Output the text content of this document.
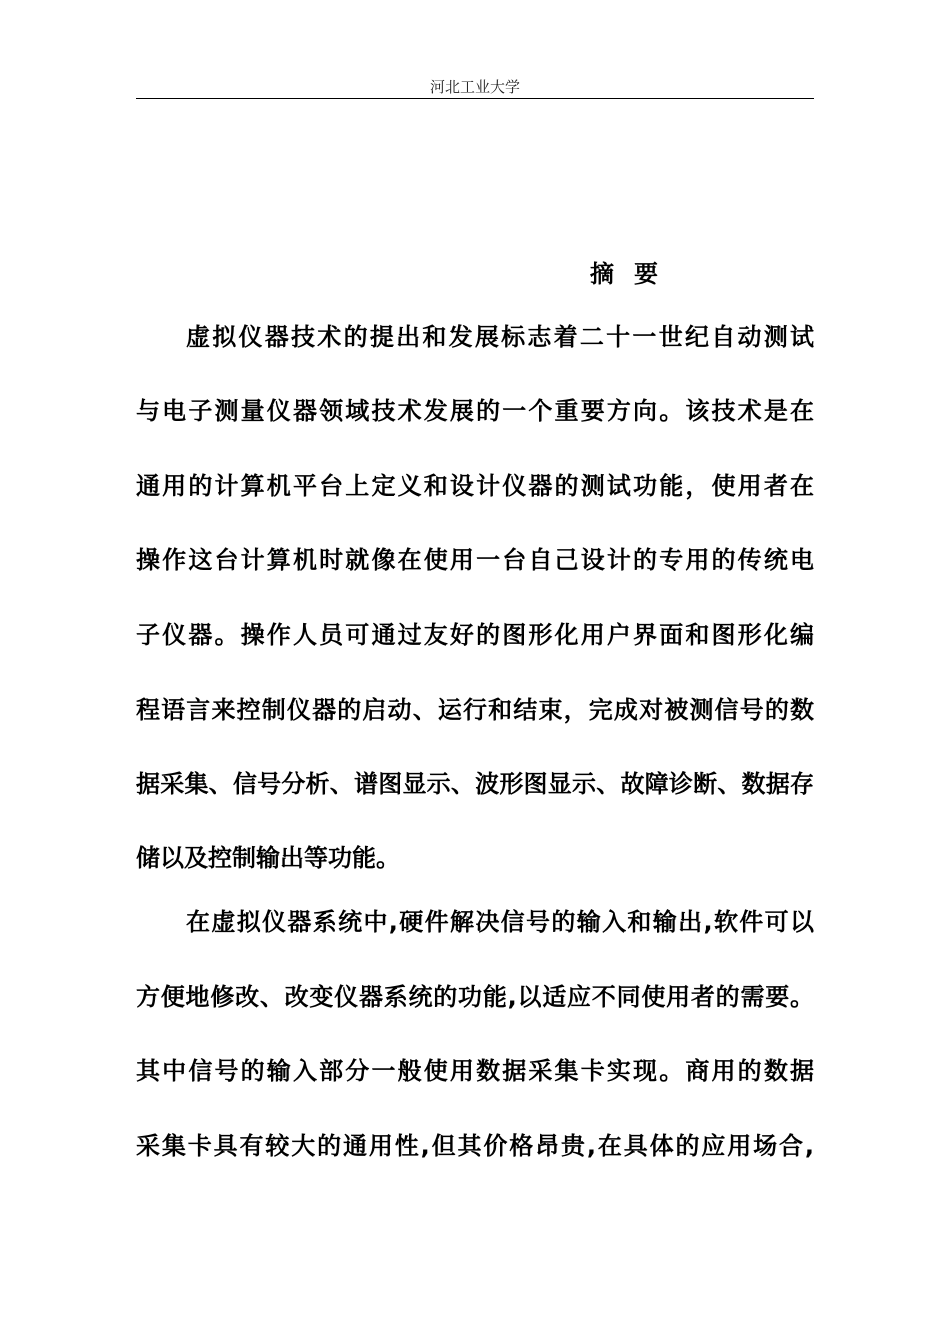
河北工业大学
摘要
虚拟仪器技术的提出和发展标志着二十一世纪自动测试
与电子测量仪器领域技术发展的一个重要方向。该技术是在
通用的计算机平台上定义和设计仪器的测试功能，使用者在
操作这台计算机时就像在使用一台自己设计的专用的传统电
子仪器。操作人员可通过友好的图形化用户界面和图形化编
程语言来控制仪器的启动、运行和结束，完成对被测信号的数
据采集、信号分析、谱图显示、波形图显示、故障诊断、数据存
储以及控制输出等功能。
在虚拟仪器系统中,硬件解决信号的输入和输出,软件可以
方便地修改、改变仪器系统的功能,以适应不同使用者的需要。
其中信号的输入部分一般使用数据采集卡实现。商用的数据
采集卡具有较大的通用性,但其价格昂贵,在具体的应用场合,
